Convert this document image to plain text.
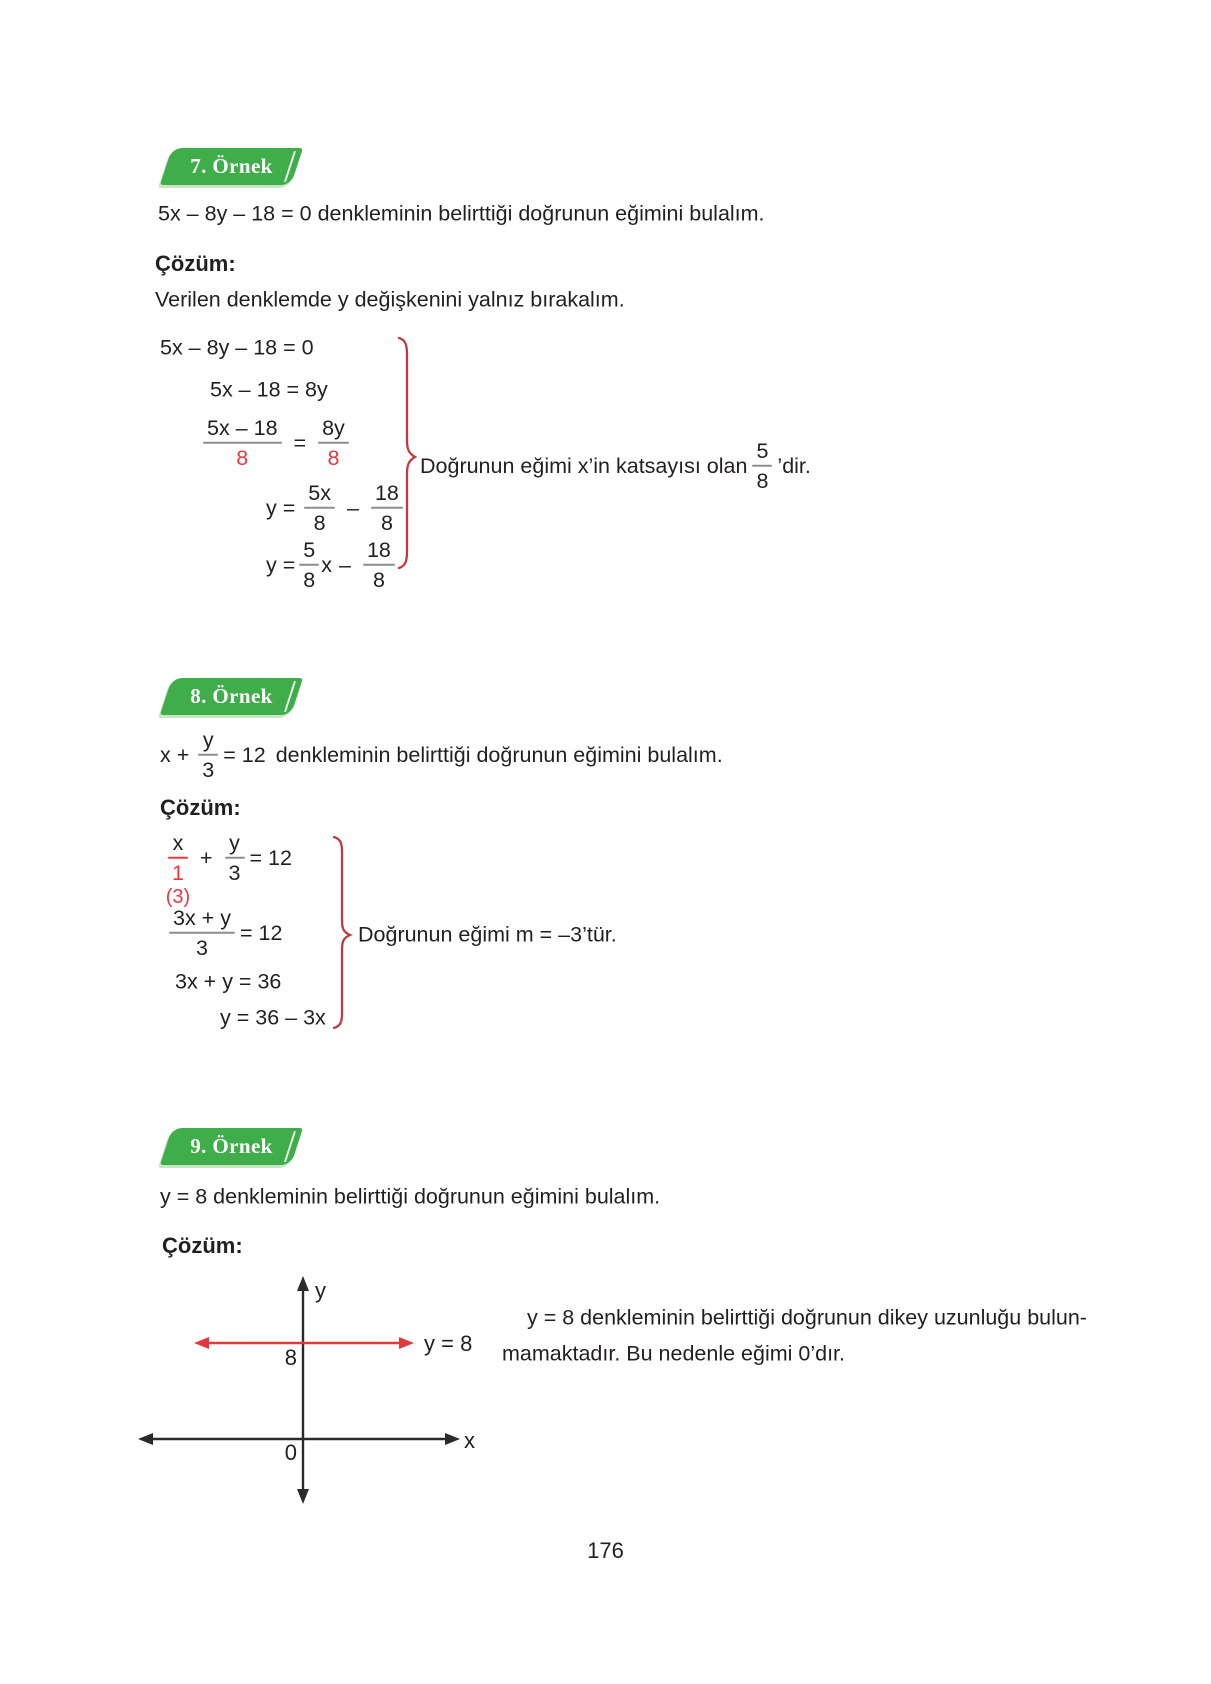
7. Örnek
5x – 8y – 18 = 0 denkleminin belirttiği doğrunun eğimini bulalım.
Çözüm:
Verilen denklemde y değişkenini yalnız bırakalım.
5x – 8y – 18 = 0
5x – 18 = 8y
$\frac{5x - 18}{8} = \frac{8y}{8}$
$y = \frac{5x}{8} - \frac{18}{8}$
$y = \frac{5}{8}$ x – $\frac{18}{8}$
Doğrunun eğimi x’in katsayısı olan $\frac{5}{8}$ ’dir.
8. Örnek
$x + \frac{y}{3} = 12$ denkleminin belirttiği doğrunun eğimini bulalım.
Çözüm:
x
1
(3)
+ $\frac{y}{3} = 12$
$\frac{3x + y}{3} = 12$
3x + y = 36
y = 36 – 3x
Doğrunun eğimi m = –3’tür.
9. Örnek
y = 8 denkleminin belirttiği doğrunun eğimini bulalım.
Çözüm:
y
x
y = 8
8
0
y = 8 denkleminin belirttiği doğrunun dikey uzunluğu bulun-
mamaktadır. Bu nedenle eğimi 0’dır.
176
